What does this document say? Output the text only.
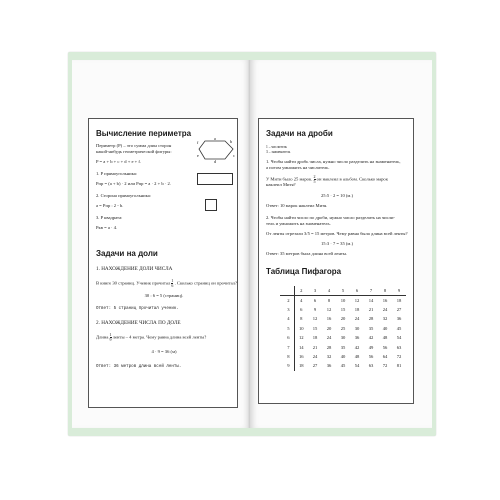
Вычисление периметра
Периметр (Р) – это сумма длин сторон
какой-нибудь геометрической фигуры:
P = a + b + c + d + e + f.
1. P прямоугольника:
Pпр = (a + b) · 2 или Pпр = a · 2 + b · 2.
2. Сторона прямоугольника:
a = Pпр : 2 - b.
3. P квадрата:
Pкв = a · 4.
a
b
c
d
e
f
Задачи на доли
1. НАХОЖДЕНИЕ ДОЛИ ЧИСЛА
В книге 30 страниц. Ученик прочитал $\frac{1}{6}$ . Сколько страниц он прочитал?
30 : 6 = 5 (страниц).
Ответ: 5 страниц прочитал ученик.
2. НАХОЖДЕНИЕ ЧИСЛА ПО ДОЛЕ
Длина $\frac{1}{9}$ ленты – 4 метра. Чему равна длина всей ленты?
4 · 9 = 36 (м)
Ответ: 36 метров длина всей ленты.
Задачи на дроби
1 – числитель
3 – знаменатель
1. Чтобы найти дробь числа, нужно число разделить на знаменатель,
а потом умножить на числитель.
У Мити было 25 марок. $\frac{2}{5}$ он наклеил в альбом. Сколько марок
наклеил Митя?
25:5 · 2 = 10 (м.)
Ответ: 10 марок наклеил Митя.
2. Чтобы найти число по дроби, нужно число разделить на числи-
тель и умножить на знаменатель.
От ленты отрезали 3/5 = 15 метров. Чему равна была длина всей ленты?
15:3 · 7 = 35 (м.)
Ответ: 35 метров была длина всей ленты.
Таблица Пифагора
	2	3	4	5	6	7	8	9
2	4	6	8	10	12	14	16	18
3	6	9	12	15	18	21	24	27
4	8	12	16	20	24	28	32	36
5	10	15	20	25	30	35	40	45
6	12	18	24	30	36	42	48	54
7	14	21	28	35	42	49	56	63
8	16	24	32	40	48	56	64	72
9	18	27	36	45	54	63	72	81
